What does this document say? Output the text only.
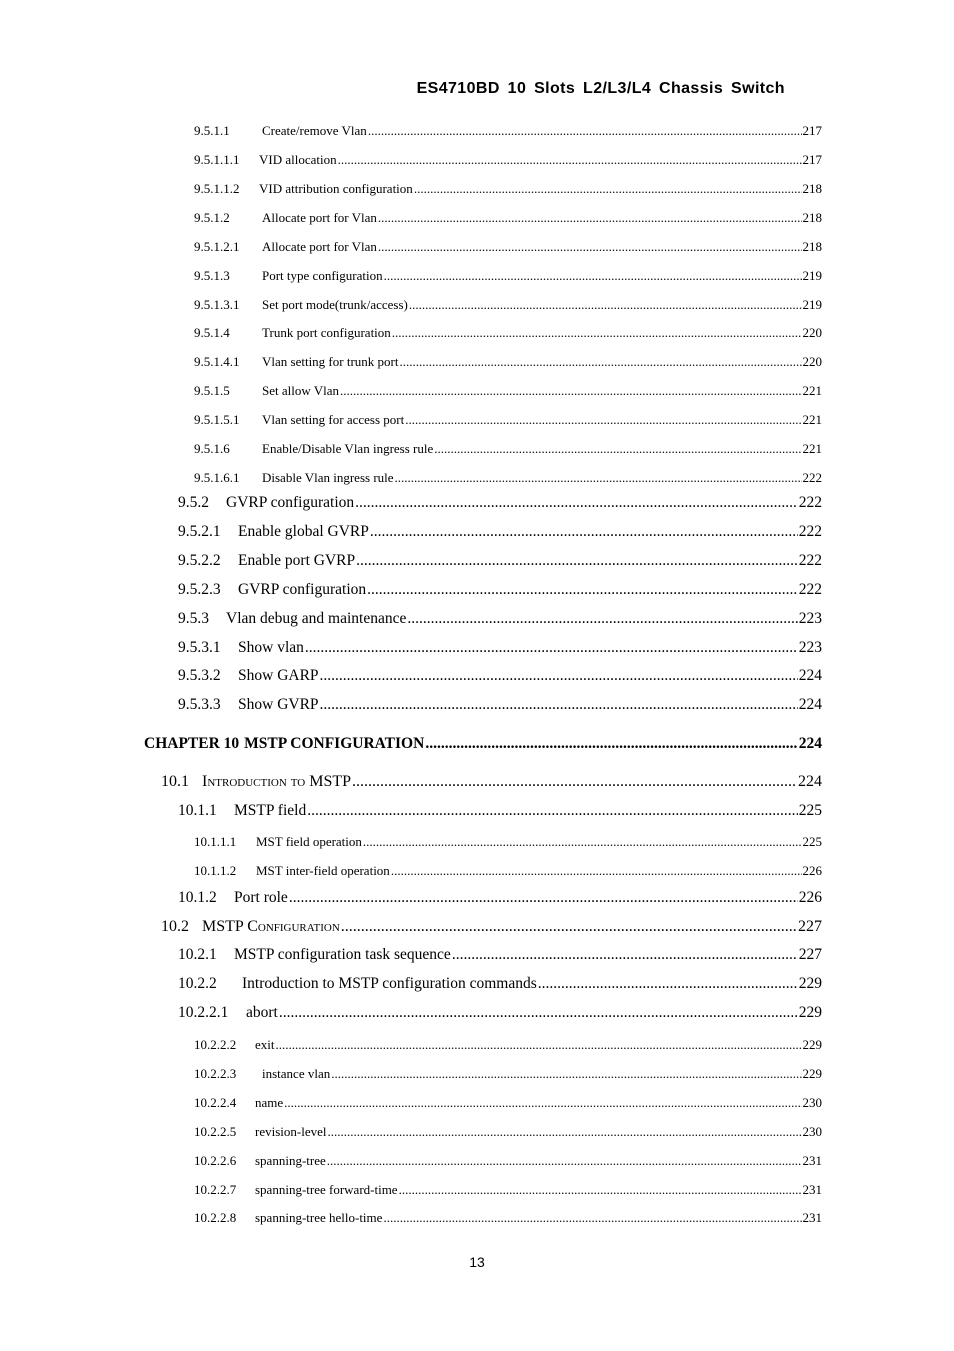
ES4710BD 10 Slots L2/L3/L4 Chassis Switch
9.5.1.1	Create/remove Vlan .....	217
9.5.1.1.1	VID allocation .....	217
9.5.1.1.2	VID attribution configuration .....	218
9.5.1.2	Allocate port for Vlan .....	218
9.5.1.2.1	Allocate port for Vlan .....	218
9.5.1.3	Port type configuration .....	219
9.5.1.3.1	Set port mode(trunk/access) .....	219
9.5.1.4	Trunk port configuration .....	220
9.5.1.4.1	Vlan setting for trunk port .....	220
9.5.1.5	Set allow Vlan .....	221
9.5.1.5.1	Vlan setting for access port .....	221
9.5.1.6	Enable/Disable Vlan ingress rule .....	221
9.5.1.6.1	Disable Vlan ingress rule .....	222
9.5.2	GVRP configuration .....	222
9.5.2.1	Enable global GVRP .....	222
9.5.2.2	Enable port GVRP .....	222
9.5.2.3	GVRP configuration .....	222
9.5.3	Vlan debug and maintenance .....	223
9.5.3.1	Show vlan .....	223
9.5.3.2	Show GARP .....	224
9.5.3.3	Show GVRP .....	224
CHAPTER 10 MSTP CONFIGURATION .....	224
10.1 Introduction to MSTP .....	224
10.1.1	MSTP field .....	225
10.1.1.1	MST field operation .....	225
10.1.1.2	MST inter-field operation .....	226
10.1.2	Port role .....	226
10.2 MSTP Configuration .....	227
10.2.1	MSTP configuration task sequence .....	227
10.2.2	Introduction to MSTP configuration commands .....	229
10.2.2.1	abort .....	229
10.2.2.2	exit .....	229
10.2.2.3	instance vlan .....	229
10.2.2.4	name .....	230
10.2.2.5	revision-level .....	230
10.2.2.6	spanning-tree .....	231
10.2.2.7	spanning-tree forward-time .....	231
10.2.2.8	spanning-tree hello-time .....	231
13
